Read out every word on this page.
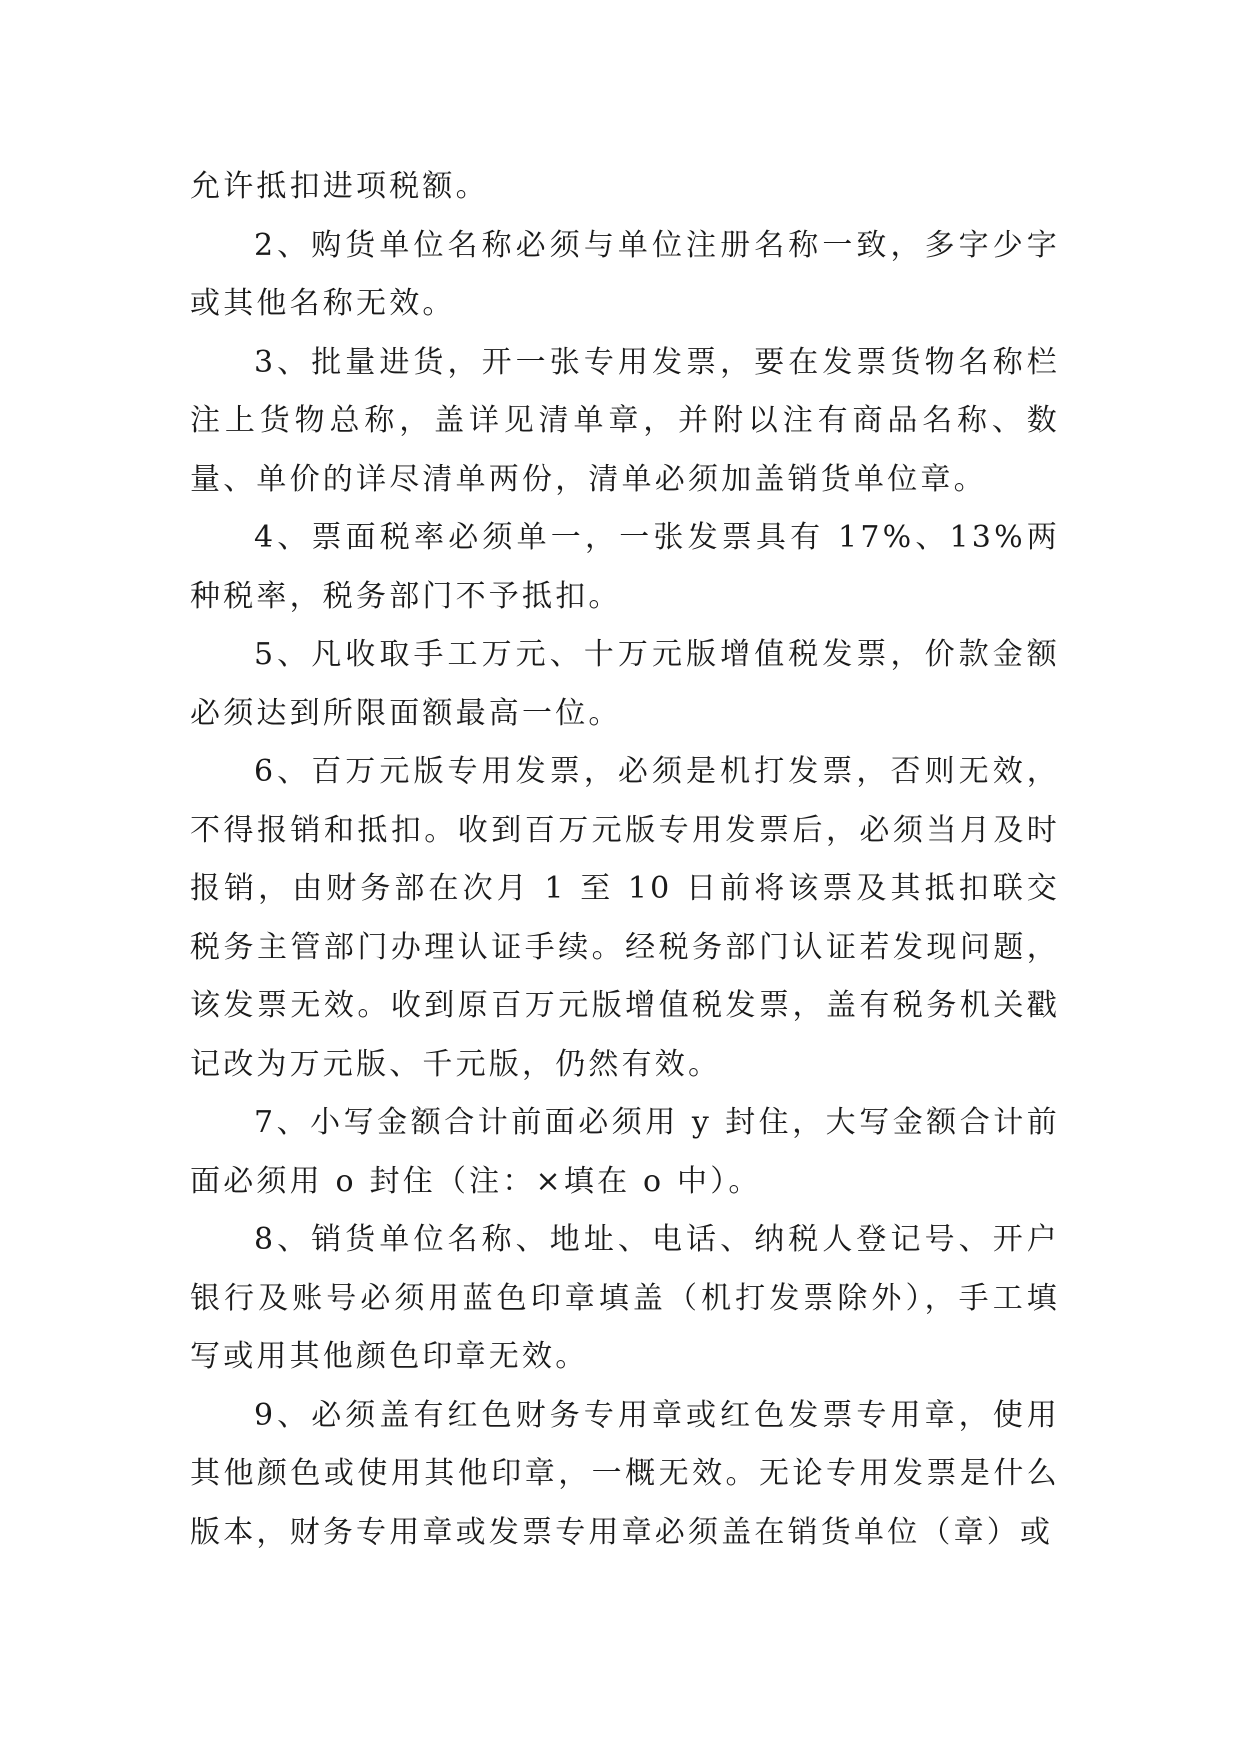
允许抵扣进项税额。

2、购货单位名称必须与单位注册名称一致，多字少字或其他名称无效。

3、批量进货，开一张专用发票，要在发票货物名称栏注上货物总称，盖详见清单章，并附以注有商品名称、数量、单价的详尽清单两份，清单必须加盖销货单位章。

4、票面税率必须单一，一张发票具有 17%、13%两种税率，税务部门不予抵扣。

5、凡收取手工万元、十万元版增值税发票，价款金额必须达到所限面额最高一位。

6、百万元版专用发票，必须是机打发票，否则无效，不得报销和抵扣。收到百万元版专用发票后，必须当月及时报销，由财务部在次月 1 至 10 日前将该票及其抵扣联交税务主管部门办理认证手续。经税务部门认证若发现问题，该发票无效。收到原百万元版增值税发票，盖有税务机关戳记改为万元版、千元版，仍然有效。

7、小写金额合计前面必须用 y 封住，大写金额合计前面必须用 o 封住（注：×填在 o 中）。

8、销货单位名称、地址、电话、纳税人登记号、开户银行及账号必须用蓝色印章填盖（机打发票除外），手工填写或用其他颜色印章无效。

9、必须盖有红色财务专用章或红色发票专用章，使用其他颜色或使用其他印章，一概无效。无论专用发票是什么版本，财务专用章或发票专用章必须盖在销货单位（章）或
